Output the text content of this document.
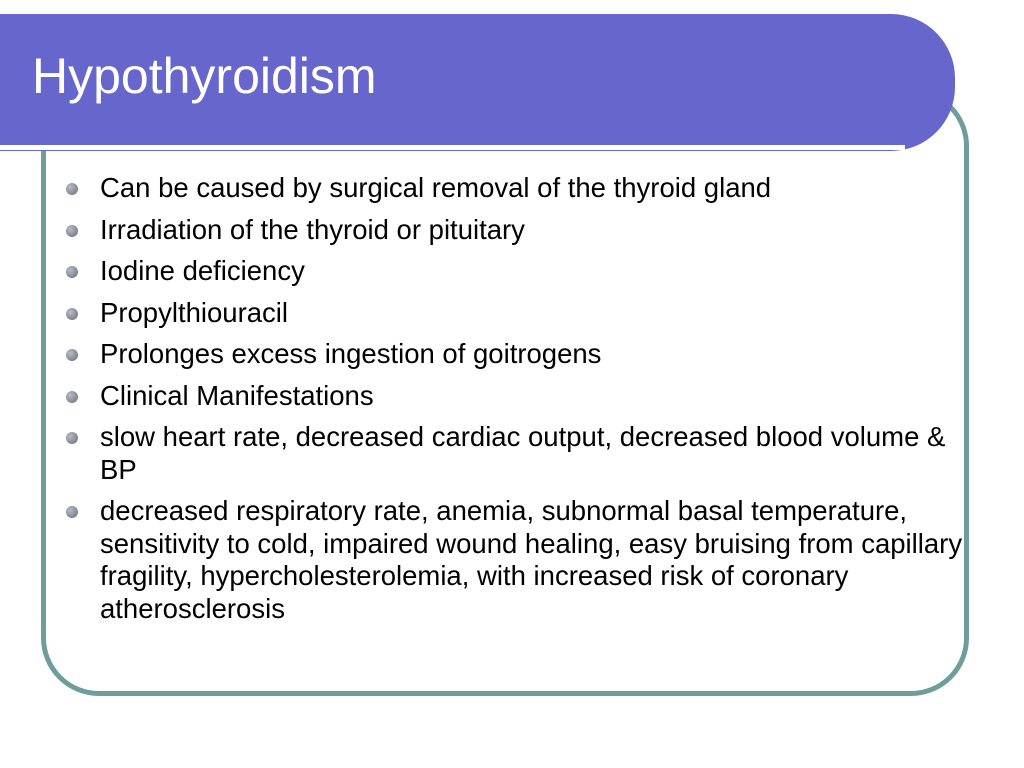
Hypothyroidism
Can be caused by surgical removal of the thyroid gland
Irradiation of the thyroid or pituitary
Iodine deficiency
Propylthiouracil
Prolonges excess ingestion of goitrogens
Clinical Manifestations
slow heart rate, decreased cardiac output, decreased blood volume & BP
decreased respiratory rate, anemia, subnormal basal temperature, sensitivity to cold, impaired wound healing, easy bruising from capillary fragility, hypercholesterolemia, with increased risk of coronary atherosclerosis
